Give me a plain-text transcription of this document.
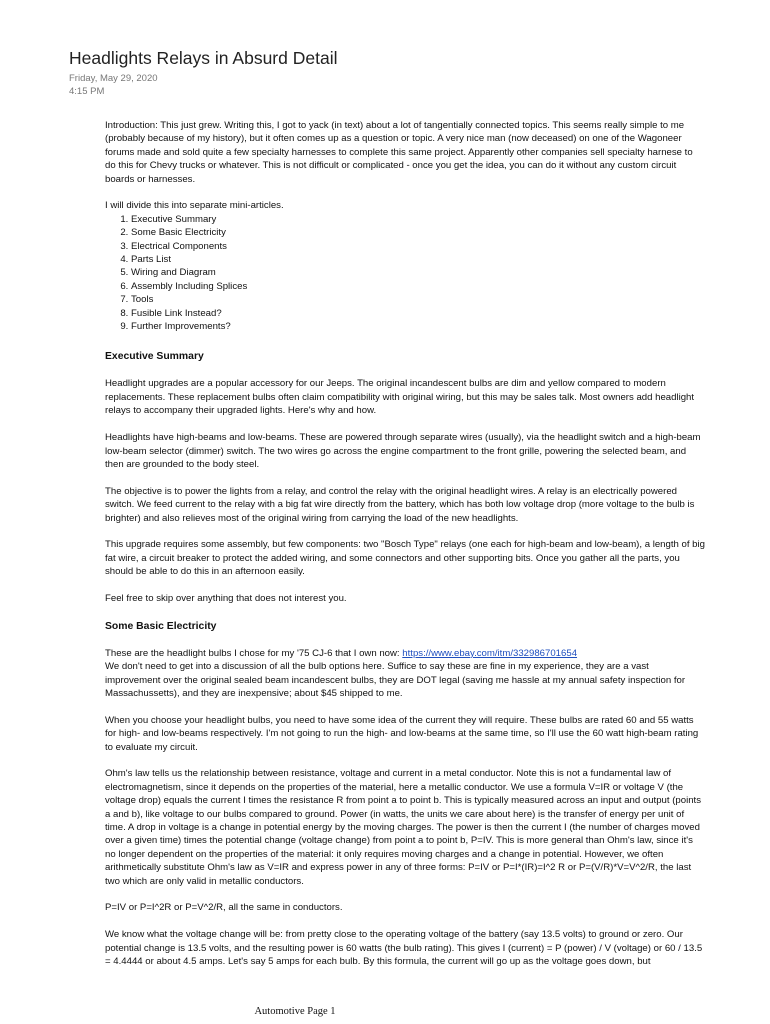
Headlights Relays in Absurd Detail
Friday, May 29, 2020
4:15 PM

Introduction: This just grew. Writing this, I got to yack (in text) about a lot of tangentially connected topics. This seems really simple to me (probably because of my history), but it often comes up as a question or topic. A very nice man (now deceased) on one of the Wagoneer forums made and sold quite a few specialty harnesses to complete this same project. Apparently other companies sell specialty harnese to do this for Chevy trucks or whatever. This is not difficult or complicated - once you get the idea, you can do it without any custom circuit boards or harnesses.

I will divide this into separate mini-articles.

1. Executive Summary
2. Some Basic Electricity
3. Electrical Components
4. Parts List
5. Wiring and Diagram
6. Assembly Including Splices
7. Tools
8. Fusible Link Instead?
9. Further Improvements?
Executive Summary

Headlight upgrades are a popular accessory for our Jeeps. The original incandescent bulbs are dim and yellow compared to modern replacements. These replacement bulbs often claim compatibility with original wiring, but this may be sales talk. Most owners add headlight relays to accompany their upgraded lights. Here's why and how.

Headlights have high-beams and low-beams. These are powered through separate wires (usually), via the headlight switch and a high-beam low-beam selector (dimmer) switch. The two wires go across the engine compartment to the front grille, powering the selected beam, and then are grounded to the body steel.

The objective is to power the lights from a relay, and control the relay with the original headlight wires. A relay is an electrically powered switch. We feed current to the relay with a big fat wire directly from the battery, which has both low voltage drop (more voltage to the bulb is brighter) and also relieves most of the original wiring from carrying the load of the new headlights.

This upgrade requires some assembly, but few components: two "Bosch Type" relays (one each for high-beam and low-beam), a length of big fat wire, a circuit breaker to protect the added wiring, and some connectors and other supporting bits. Once you gather all the parts, you should be able to do this in an afternoon easily.

Feel free to skip over anything that does not interest you.

Some Basic Electricity

These are the headlight bulbs I chose for my '75 CJ-6 that I own now: https://www.ebay.com/itm/332986701654
We don't need to get into a discussion of all the bulb options here. Suffice to say these are fine in my experience, they are a vast improvement over the original sealed beam incandescent bulbs, they are DOT legal (saving me hassle at my annual safety inspection for Massachussetts), and they are inexpensive; about $45 shipped to me.

When you choose your headlight bulbs, you need to have some idea of the current they will require. These bulbs are rated 60 and 55 watts for high- and low-beams respectively. I'm not going to run the high- and low-beams at the same time, so I'll use the 60 watt high-beam rating to evaluate my circuit.

Ohm's law tells us the relationship between resistance, voltage and current in a metal conductor. Note this is not a fundamental law of electromagnetism, since it depends on the properties of the material, here a metallic conductor. We use a formula V=IR or voltage V (the voltage drop) equals the current I times the resistance R from point a to point b. This is typically measured across an input and output (points a and b), like voltage to our bulbs compared to ground. Power (in watts, the units we care about here) is the transfer of energy per unit of time. A drop in voltage is a change in potential energy by the moving charges. The power is then the current I (the number of charges moved over a given time) times the potential change (voltage change) from point a to point b, P=IV. This is more general than Ohm's law, since it's no longer dependent on the properties of the material: it only requires moving charges and a change in potential. However, we often arithmetically substitute Ohm's law as V=IR and express power in any of three forms: P=IV or P=I*(IR)=I^2 R or P=(V/R)*V=V^2/R, the last two which are only valid in metallic conductors.

P=IV or P=I^2R or P=V^2/R, all the same in conductors.

We know what the voltage change will be: from pretty close to the operating voltage of the battery (say 13.5 volts) to ground or zero. Our potential change is 13.5 volts, and the resulting power is 60 watts (the bulb rating). This gives I (current) = P (power) / V (voltage) or 60 / 13.5 = 4.4444 or about 4.5 amps. Let's say 5 amps for each bulb. By this formula, the current will go up as the voltage goes down, but

Automotive Page 1
